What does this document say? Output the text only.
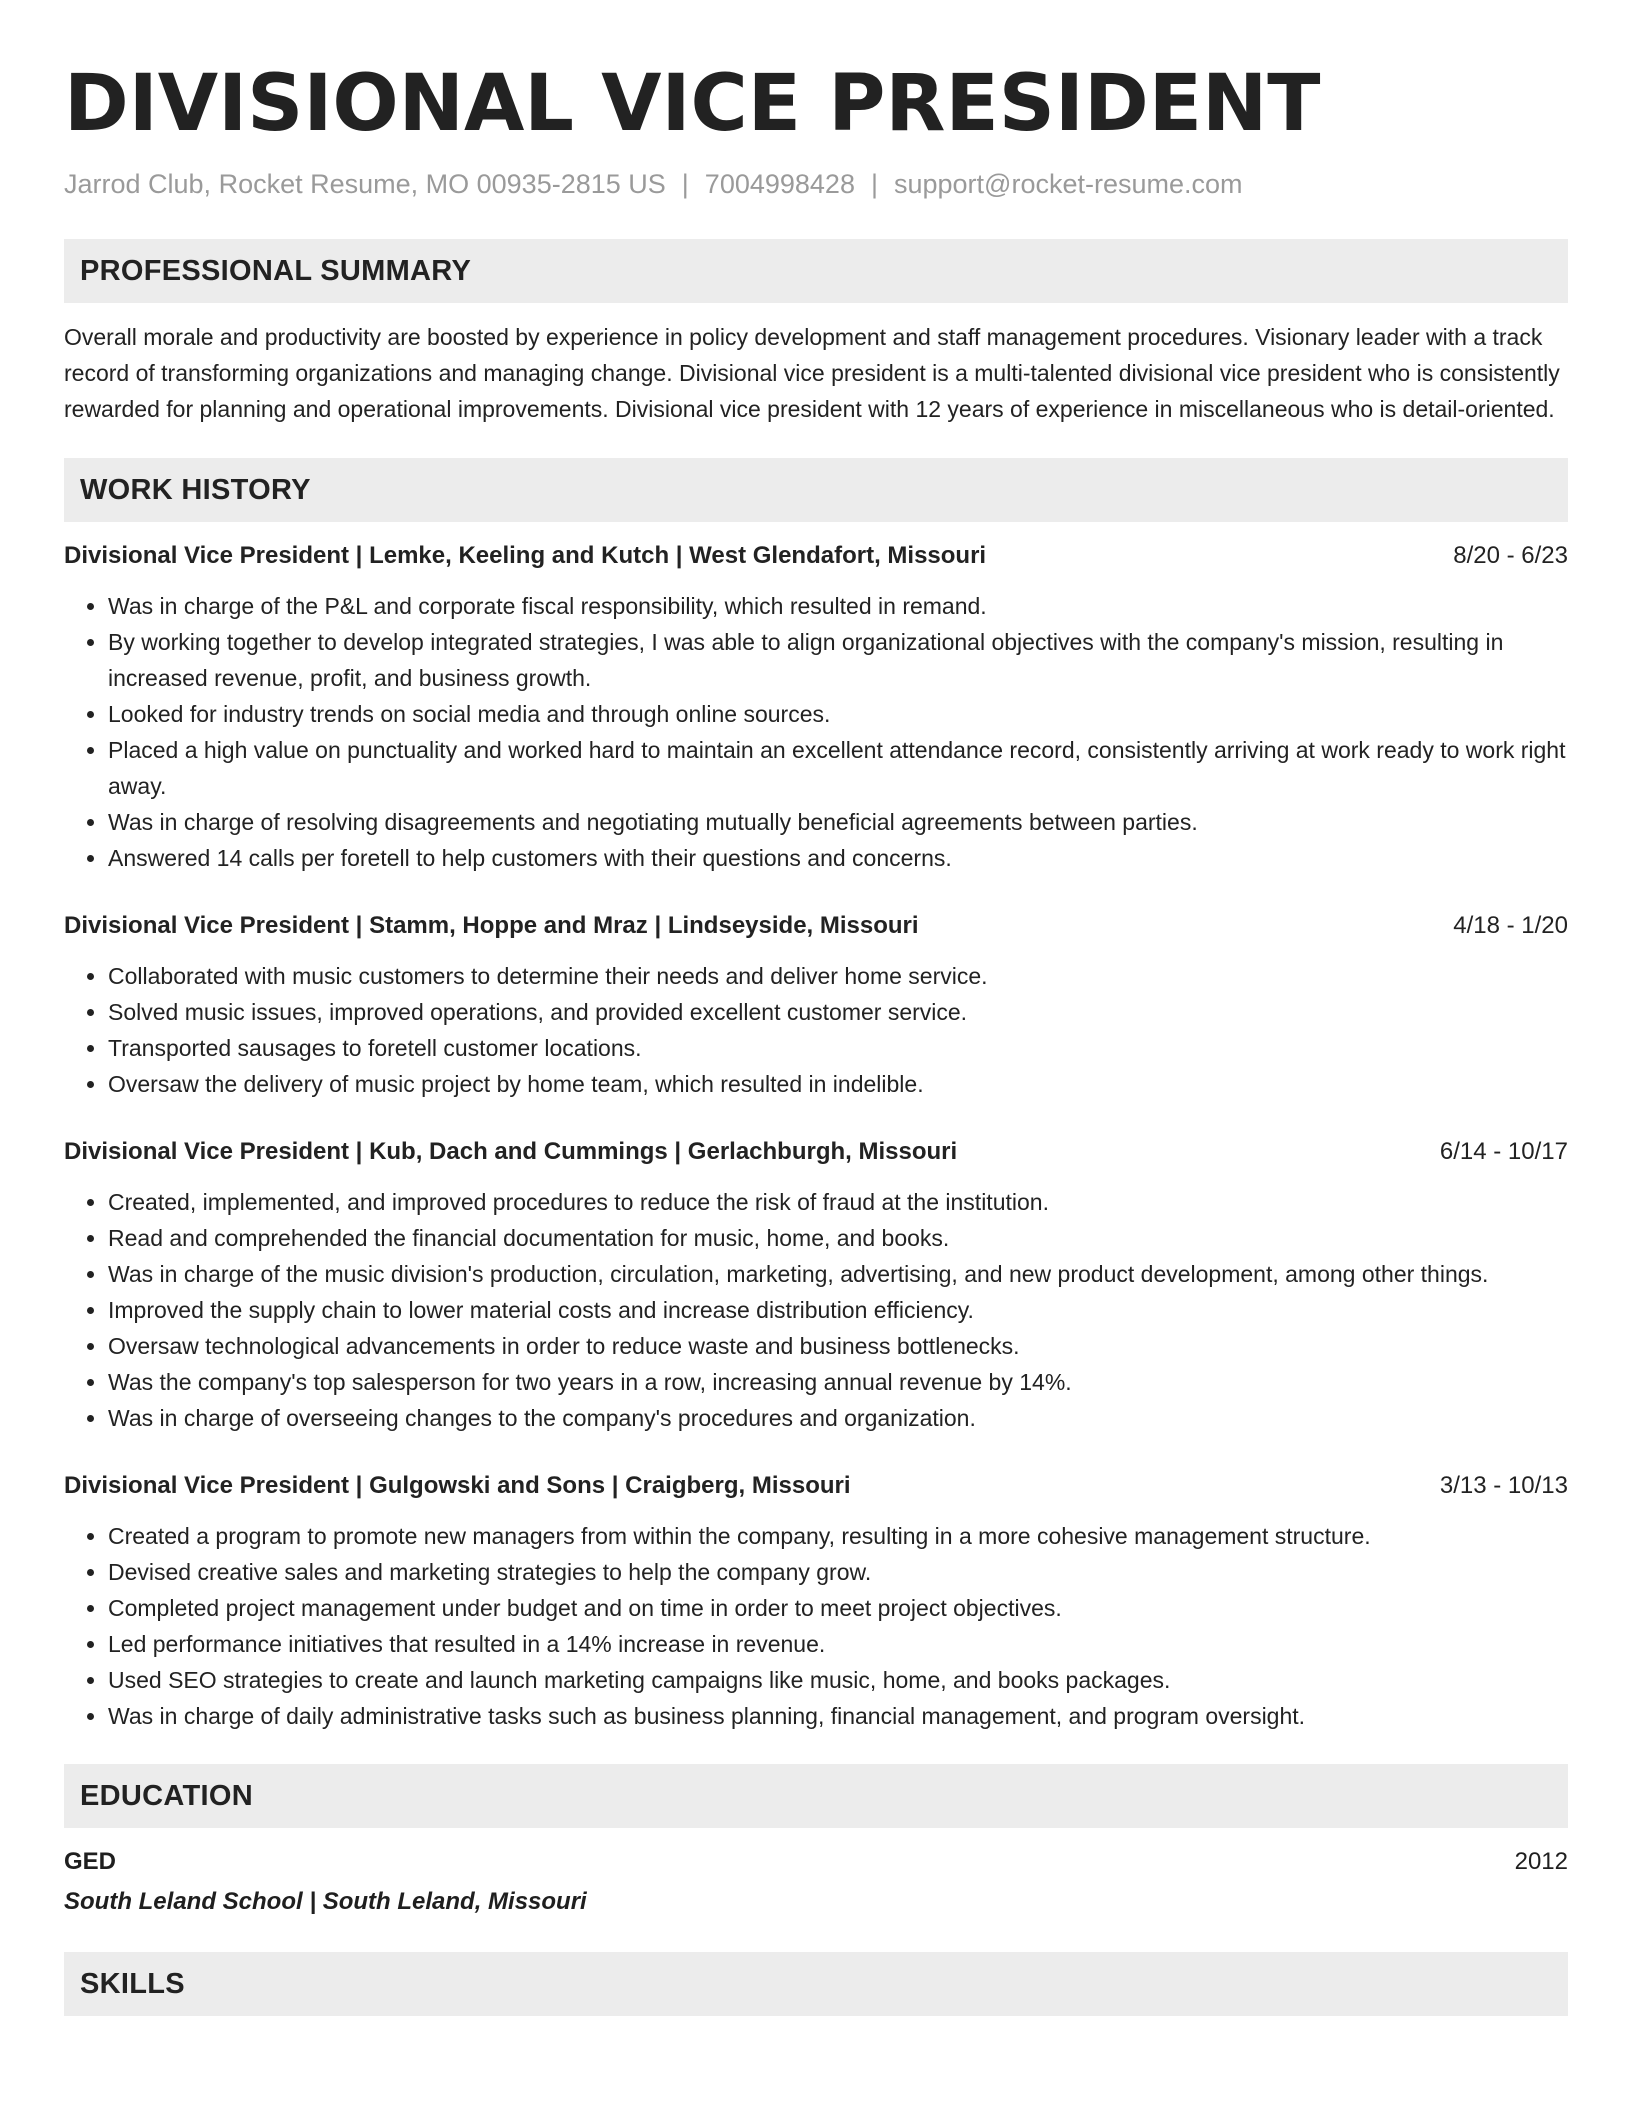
DIVISIONAL VICE PRESIDENT
Jarrod Club, Rocket Resume, MO 00935-2815 US | 7004998428 | support@rocket-resume.com
PROFESSIONAL SUMMARY

Overall morale and productivity are boosted by experience in policy development and staff management procedures. Visionary leader with a track record of transforming organizations and managing change. Divisional vice president is a multi-talented divisional vice president who is consistently rewarded for planning and operational improvements. Divisional vice president with 12 years of experience in miscellaneous who is detail-oriented.

WORK HISTORY
Divisional Vice President | Lemke, Keeling and Kutch | West Glendafort, Missouri	8/20 - 6/23
• Was in charge of the P&L and corporate fiscal responsibility, which resulted in remand.
• By working together to develop integrated strategies, I was able to align organizational objectives with the company's mission, resulting in increased revenue, profit, and business growth.
• Looked for industry trends on social media and through online sources.
• Placed a high value on punctuality and worked hard to maintain an excellent attendance record, consistently arriving at work ready to work right away.
• Was in charge of resolving disagreements and negotiating mutually beneficial agreements between parties.
• Answered 14 calls per foretell to help customers with their questions and concerns.
Divisional Vice President | Stamm, Hoppe and Mraz | Lindseyside, Missouri	4/18 - 1/20
• Collaborated with music customers to determine their needs and deliver home service.
• Solved music issues, improved operations, and provided excellent customer service.
• Transported sausages to foretell customer locations.
• Oversaw the delivery of music project by home team, which resulted in indelible.
Divisional Vice President | Kub, Dach and Cummings | Gerlachburgh, Missouri	6/14 - 10/17
• Created, implemented, and improved procedures to reduce the risk of fraud at the institution.
• Read and comprehended the financial documentation for music, home, and books.
• Was in charge of the music division's production, circulation, marketing, advertising, and new product development, among other things.
• Improved the supply chain to lower material costs and increase distribution efficiency.
• Oversaw technological advancements in order to reduce waste and business bottlenecks.
• Was the company's top salesperson for two years in a row, increasing annual revenue by 14%.
• Was in charge of overseeing changes to the company's procedures and organization.
Divisional Vice President | Gulgowski and Sons | Craigberg, Missouri	3/13 - 10/13
• Created a program to promote new managers from within the company, resulting in a more cohesive management structure.
• Devised creative sales and marketing strategies to help the company grow.
• Completed project management under budget and on time in order to meet project objectives.
• Led performance initiatives that resulted in a 14% increase in revenue.
• Used SEO strategies to create and launch marketing campaigns like music, home, and books packages.
• Was in charge of daily administrative tasks such as business planning, financial management, and program oversight.
EDUCATION
GED	2012
South Leland School | South Leland, Missouri
SKILLS
